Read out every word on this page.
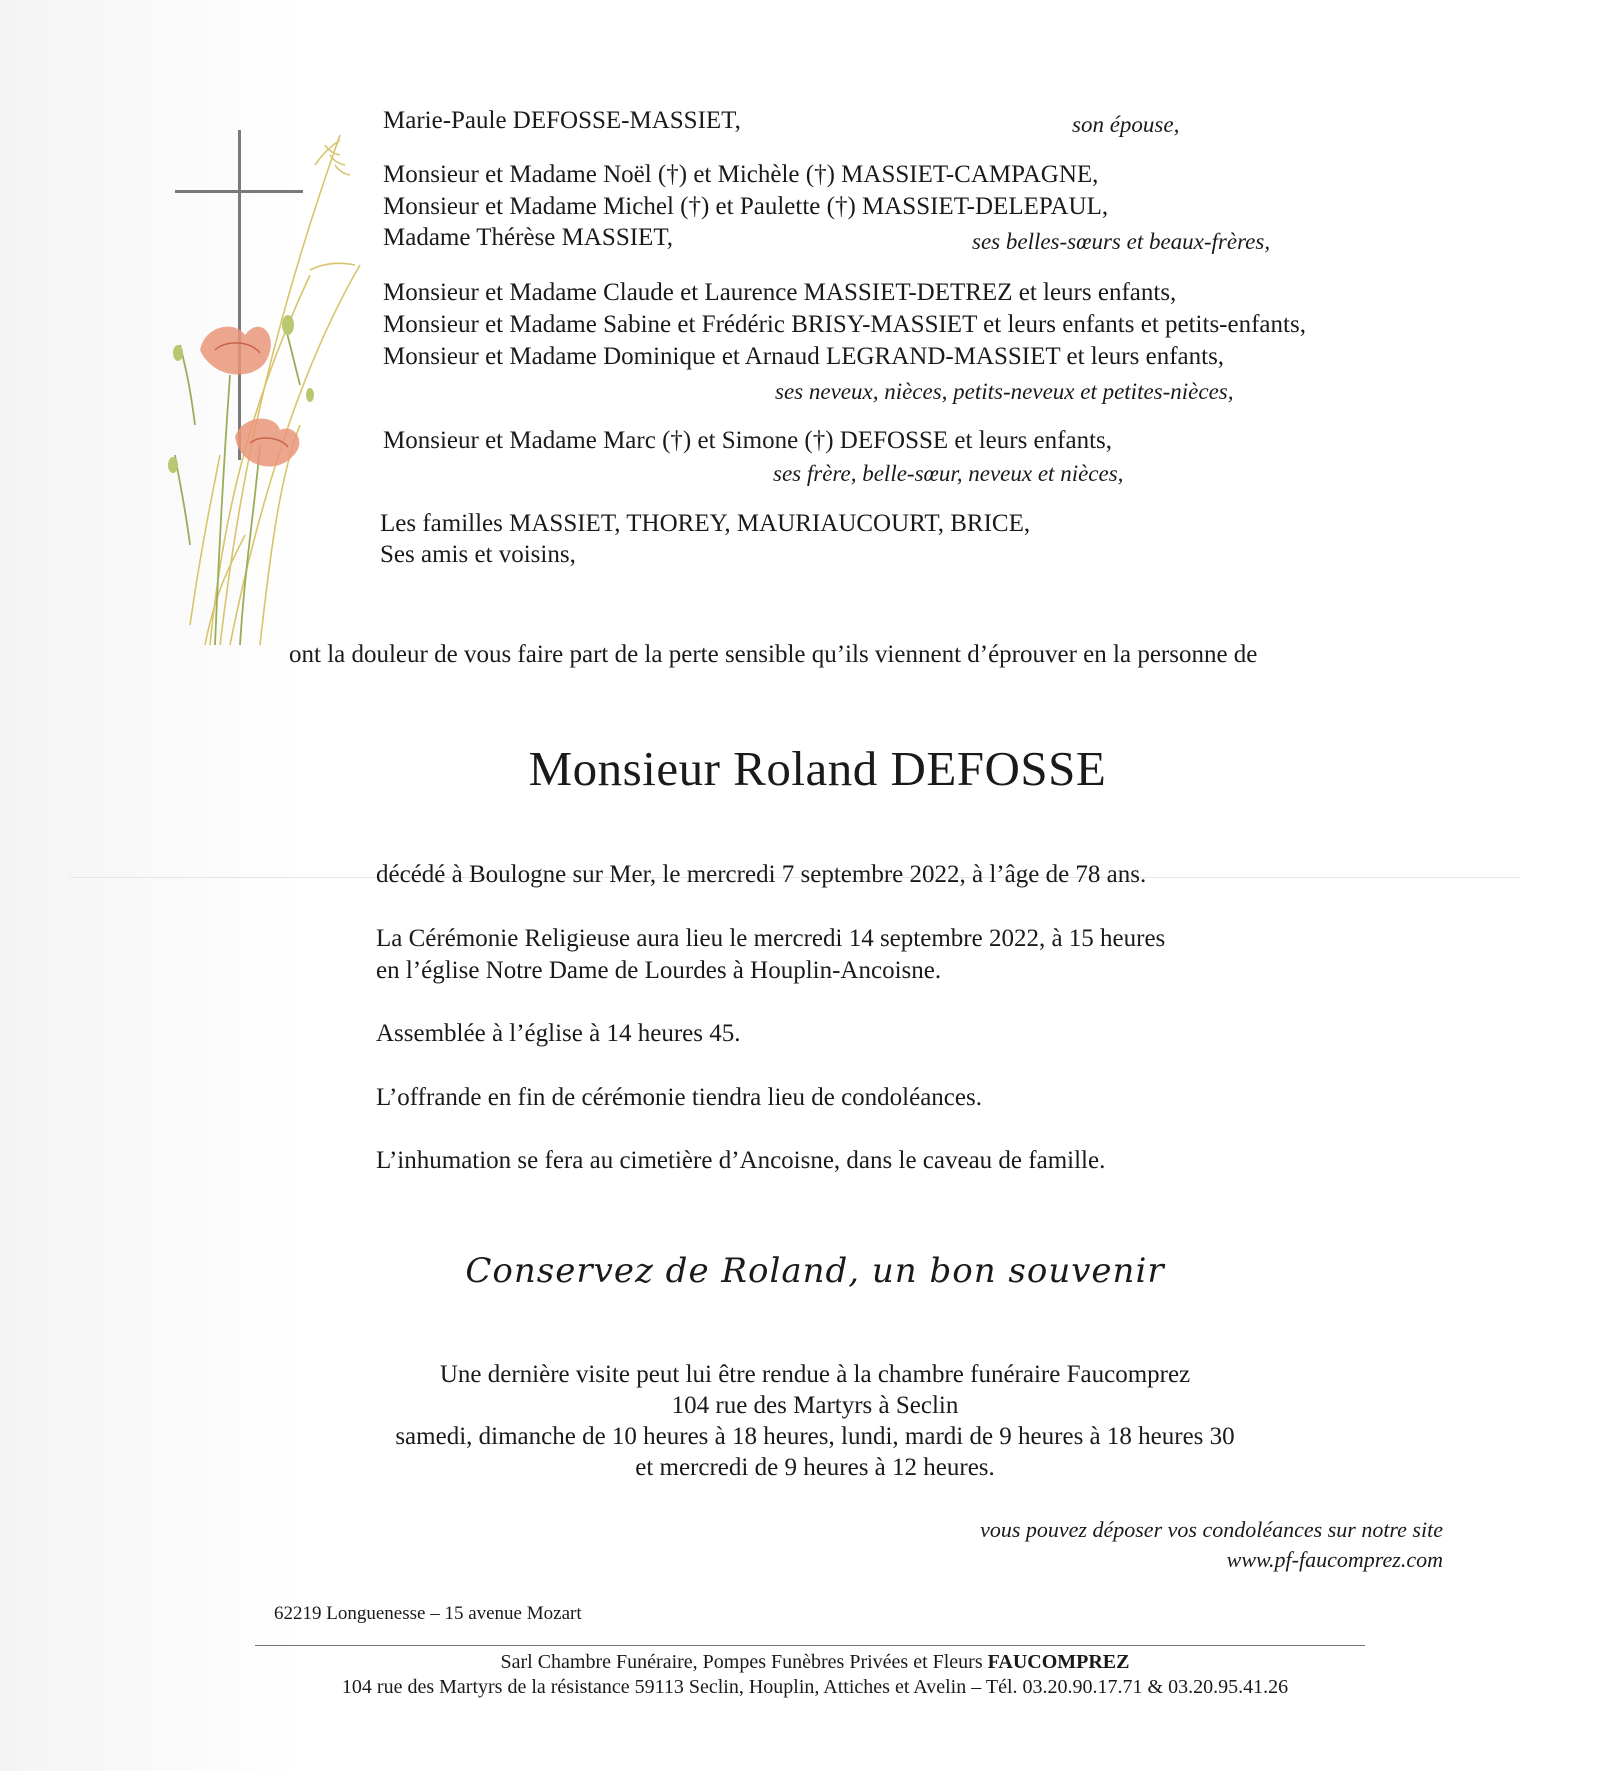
Marie-Paule DEFOSSE-MASSIET,	son épouse,
Monsieur et Madame Noël (†) et Michèle (†) MASSIET-CAMPAGNE,
Monsieur et Madame Michel (†) et Paulette (†) MASSIET-DELEPAUL,
Madame Thérèse MASSIET,	ses belles-sœurs et beaux-frères,
Monsieur et Madame Claude et Laurence MASSIET-DETREZ et leurs enfants,
Monsieur et Madame Sabine et Frédéric BRISY-MASSIET et leurs enfants et petits-enfants,
Monsieur et Madame Dominique et Arnaud LEGRAND-MASSIET et leurs enfants,
ses neveux, nièces, petits-neveux et petites-nièces,
Monsieur et Madame Marc (†) et Simone (†) DEFOSSE et leurs enfants,
ses frère, belle-sœur, neveux et nièces,
Les familles MASSIET, THOREY, MAURIAUCOURT, BRICE,
Ses amis et voisins,
ont la douleur de vous faire part de la perte sensible qu’ils viennent d’éprouver en la personne de
Monsieur Roland DEFOSSE
décédé à Boulogne sur Mer, le mercredi 7 septembre 2022, à l’âge de 78 ans.
La Cérémonie Religieuse aura lieu le mercredi 14 septembre 2022, à 15 heures
en l’église Notre Dame de Lourdes à Houplin-Ancoisne.
Assemblée à l’église à 14 heures 45.
L’offrande en fin de cérémonie tiendra lieu de condoléances.
L’inhumation se fera au cimetière d’Ancoisne, dans le caveau de famille.
Conservez de Roland, un bon souvenir
Une dernière visite peut lui être rendue à la chambre funéraire Faucomprez
104 rue des Martyrs à Seclin
samedi, dimanche de 10 heures à 18 heures, lundi, mardi de 9 heures à 18 heures 30
et mercredi de 9 heures à 12 heures.
vous pouvez déposer vos condoléances sur notre site
www.pf-faucomprez.com
62219 Longuenesse – 15 avenue Mozart
Sarl Chambre Funéraire, Pompes Funèbres Privées et Fleurs FAUCOMPREZ
104 rue des Martyrs de la résistance 59113 Seclin, Houplin, Attiches et Avelin – Tél. 03.20.90.17.71 & 03.20.95.41.26
